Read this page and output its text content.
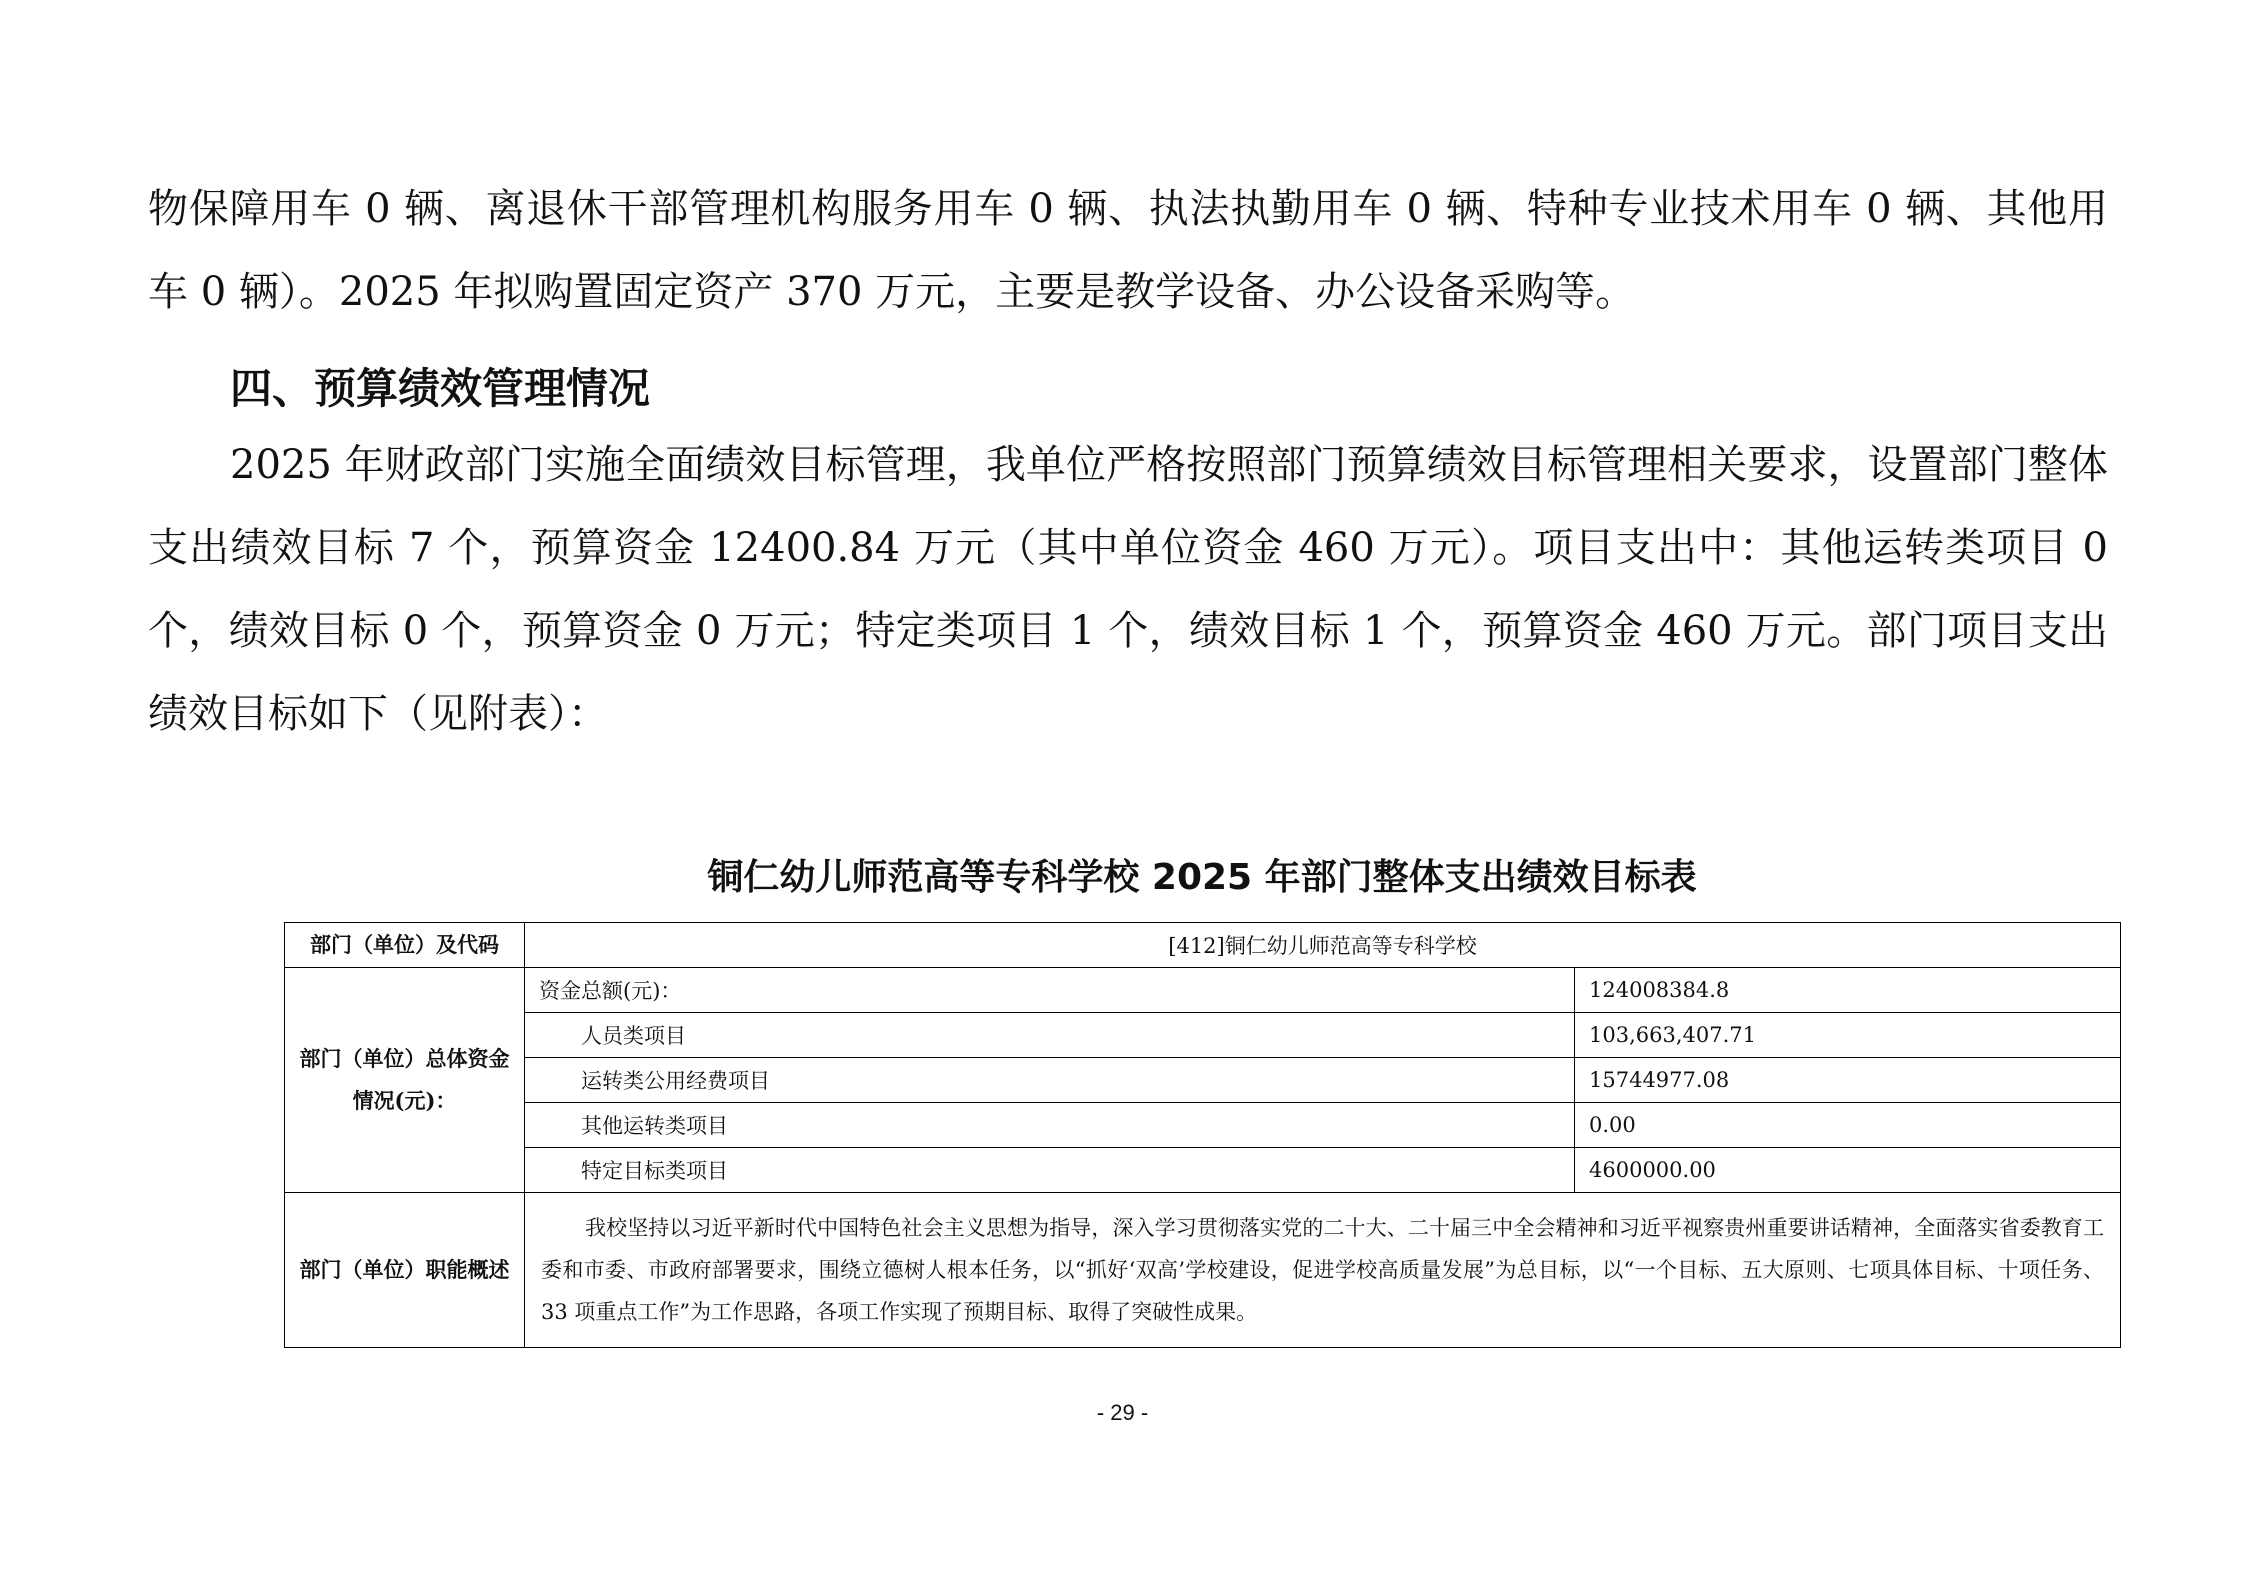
物保障用车 0 辆、离退休干部管理机构服务用车 0 辆、执法执勤用车 0 辆、特种专业技术用车 0 辆、其他用车 0 辆）。2025 年拟购置固定资产 370 万元，主要是教学设备、办公设备采购等。

四、预算绩效管理情况

2025 年财政部门实施全面绩效目标管理，我单位严格按照部门预算绩效目标管理相关要求，设置部门整体支出绩效目标 7 个，预算资金 12400.84 万元（其中单位资金 460 万元）。项目支出中：其他运转类项目 0 个，绩效目标 0 个，预算资金 0 万元；特定类项目 1 个，绩效目标 1 个，预算资金 460 万元。部门项目支出绩效目标如下（见附表）：

铜仁幼儿师范高等专科学校 2025 年部门整体支出绩效目标表
部门（单位）及代码	[412]铜仁幼儿师范高等专科学校	
部门（单位）总体资金情况(元)：	资金总额(元)：	124008384.8
	人员类项目	103,663,407.71
	运转类公用经费项目	15744977.08
	其他运转类项目	0.00
	特定目标类项目	4600000.00
部门（单位）职能概述	我校坚持以习近平新时代中国特色社会主义思想为指导，深入学习贯彻落实党的二十大、二十届三中全会精神和习近平视察贵州重要讲话精神，全面落实省委教育工委和市委、市政府部署要求，围绕立德树人根本任务，以“抓好‘双高’学校建设，促进学校高质量发展”为总目标，以“一个目标、五大原则、七项具体目标、十项任务、33 项重点工作”为工作思路，各项工作实现了预期目标、取得了突破性成果。	
- 29 -
